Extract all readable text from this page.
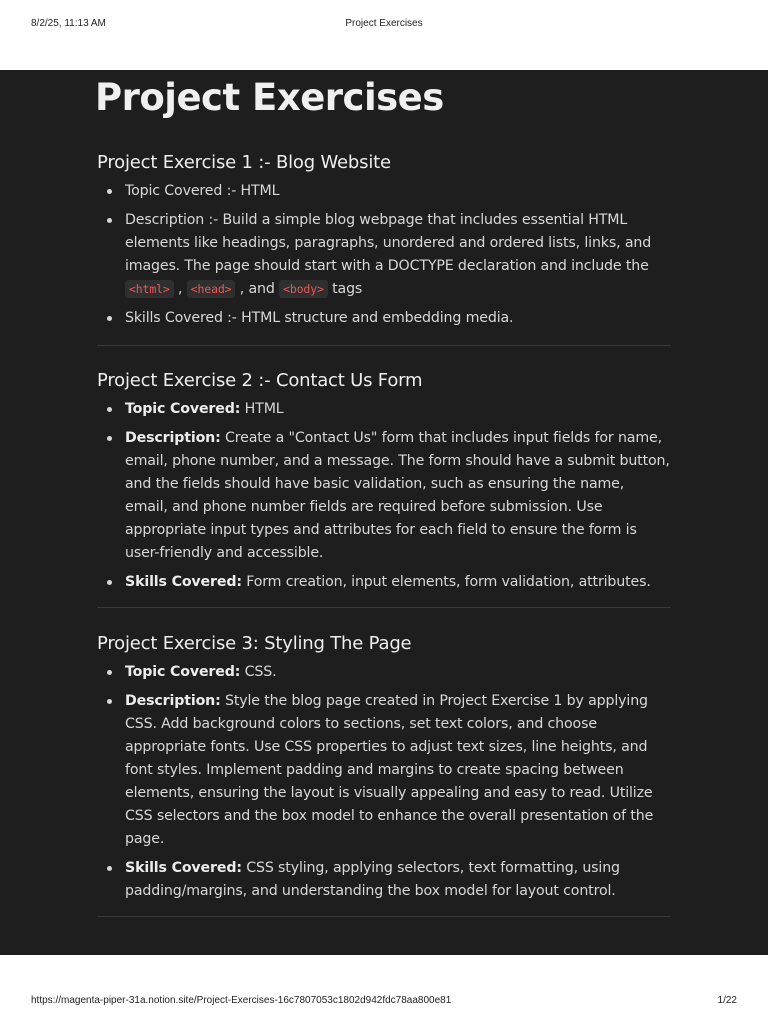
8/2/25, 11:13 AM	Project Exercises
Project Exercises
Project Exercise 1 :- Blog Website
Topic Covered :- HTML
Description :- Build a simple blog webpage that includes essential HTML elements like headings, paragraphs, unordered and ordered lists, links, and images. The page should start with a DOCTYPE declaration and include the <html> , <head> , and <body> tags
Skills Covered :- HTML structure and embedding media.
Project Exercise 2 :- Contact Us Form
Topic Covered: HTML
Description: Create a "Contact Us" form that includes input fields for name, email, phone number, and a message. The form should have a submit button, and the fields should have basic validation, such as ensuring the name, email, and phone number fields are required before submission. Use appropriate input types and attributes for each field to ensure the form is user-friendly and accessible.
Skills Covered: Form creation, input elements, form validation, attributes.
Project Exercise 3: Styling The Page
Topic Covered: CSS.
Description: Style the blog page created in Project Exercise 1 by applying CSS. Add background colors to sections, set text colors, and choose appropriate fonts. Use CSS properties to adjust text sizes, line heights, and font styles. Implement padding and margins to create spacing between elements, ensuring the layout is visually appealing and easy to read. Utilize CSS selectors and the box model to enhance the overall presentation of the page.
Skills Covered: CSS styling, applying selectors, text formatting, using padding/margins, and understanding the box model for layout control.
https://magenta-piper-31a.notion.site/Project-Exercises-16c7807053c1802d942fdc78aa800e81	1/22
